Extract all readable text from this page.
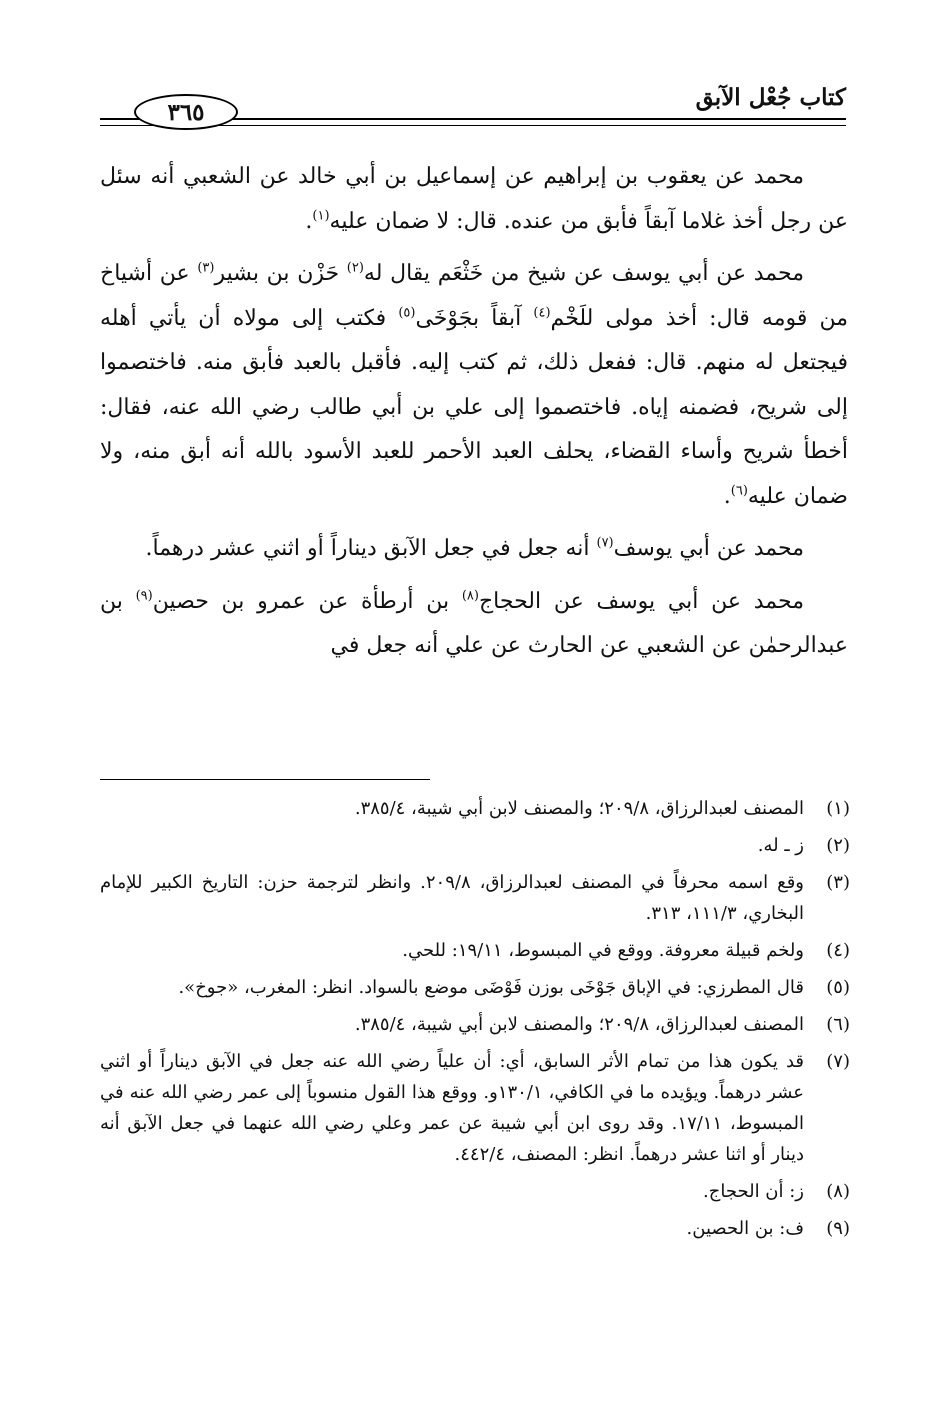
كتاب جُعْل الآبق
٣٦٥

محمد عن يعقوب بن إبراهيم عن إسماعيل بن أبي خالد عن الشعبي أنه سئل عن رجل أخذ غلاما آبقاً فأبق من عنده. قال: لا ضمان عليه$^{(١)}$.

محمد عن أبي يوسف عن شيخ من خَثْعَم يقال له$^{(٢)}$ حَزْن بن بشير$^{(٣)}$ عن أشياخ من قومه قال: أخذ مولى للَخْم$^{(٤)}$ آبقاً بجَوْخَى$^{(٥)}$ فكتب إلى مولاه أن يأتي أهله فيجتعل له منهم. قال: ففعل ذلك، ثم كتب إليه. فأقبل بالعبد فأبق منه. فاختصموا إلى شريح، فضمنه إياه. فاختصموا إلى علي بن أبي طالب رضي الله عنه، فقال: أخطأ شريح وأساء القضاء، يحلف العبد الأحمر للعبد الأسود بالله أنه أبق منه، ولا ضمان عليه$^{(٦)}$.

محمد عن أبي يوسف$^{(٧)}$ أنه جعل في جعل الآبق ديناراً أو اثني عشر درهماً.

محمد عن أبي يوسف عن الحجاج$^{(٨)}$ بن أرطأة عن عمرو بن حصين$^{(٩)}$ بن عبدالرحمٰن عن الشعبي عن الحارث عن علي أنه جعل في

(١)
المصنف لعبدالرزاق، ٢٠٩/٨؛ والمصنف لابن أبي شيبة، ٣٨٥/٤.
(٢)
ز ـ له.
(٣)
وقع اسمه محرفاً في المصنف لعبدالرزاق، ٢٠٩/٨. وانظر لترجمة حزن: التاريخ الكبير للإمام البخاري، ١١١/٣، ٣١٣.
(٤)
ولخم قبيلة معروفة. ووقع في المبسوط، ١٩/١١: للحي.
(٥)
قال المطرزي: في الإباق جَوْخَى بوزن فَوْضَى موضع بالسواد. انظر: المغرب، «جوخ».
(٦)
المصنف لعبدالرزاق، ٢٠٩/٨؛ والمصنف لابن أبي شيبة، ٣٨٥/٤.
(٧)
قد يكون هذا من تمام الأثر السابق، أي: أن علياً رضي الله عنه جعل في الآبق ديناراً أو اثني عشر درهماً. ويؤيده ما في الكافي، ١٣٠/١و. ووقع هذا القول منسوباً إلى عمر رضي الله عنه في المبسوط، ١٧/١١. وقد روى ابن أبي شيبة عن عمر وعلي رضي الله عنهما في جعل الآبق أنه دينار أو اثنا عشر درهماً. انظر: المصنف، ٤٤٢/٤.
(٨)
ز: أن الحجاج.
(٩)
ف: بن الحصين.
